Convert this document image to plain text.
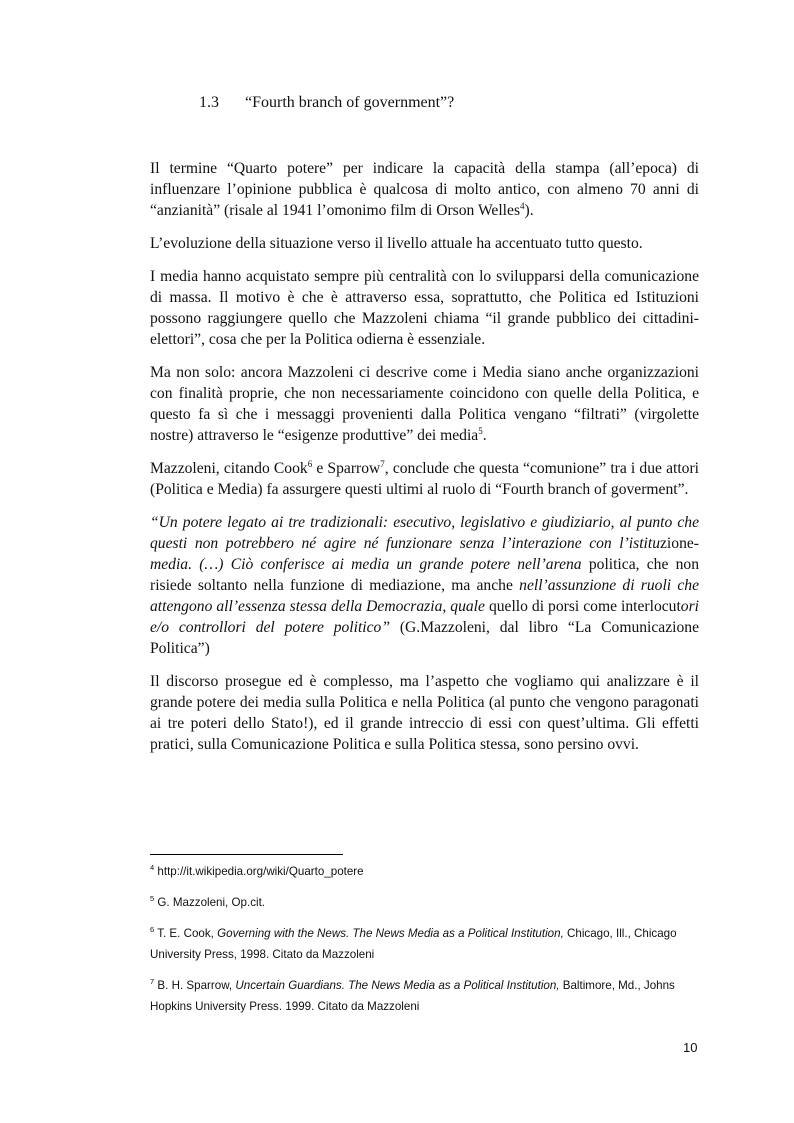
1.3 “Fourth branch of government”?

Il termine “Quarto potere” per indicare la capacità della stampa (all’epoca) di influenzare l’opinione pubblica è qualcosa di molto antico, con almeno 70 anni di “anzianità” (risale al 1941 l’omonimo film di Orson Welles$^4$).

L’evoluzione della situazione verso il livello attuale ha accentuato tutto questo.

I media hanno acquistato sempre più centralità con lo svilupparsi della comunicazione di massa. Il motivo è che è attraverso essa, soprattutto, che Politica ed Istituzioni possono raggiungere quello che Mazzoleni chiama “il grande pubblico dei cittadini-elettori”, cosa che per la Politica odierna è essenziale.

Ma non solo: ancora Mazzoleni ci descrive come i Media siano anche organizzazioni con finalità proprie, che non necessariamente coincidono con quelle della Politica, e questo fa sì che i messaggi provenienti dalla Politica vengano “filtrati” (virgolette nostre) attraverso le “esigenze produttive” dei media$^5$.

Mazzoleni, citando Cook$^6$ e Sparrow$^7$, conclude che questa “comunione” tra i due attori (Politica e Media) fa assurgere questi ultimi al ruolo di “Fourth branch of goverment”.

“Un potere legato ai tre tradizionali: esecutivo, legislativo e giudiziario, al punto che questi non potrebbero né agire né funzionare senza l’interazione con l’istituzione-media. (…) Ciò conferisce ai media un grande potere nell’arena politica, che non risiede soltanto nella funzione di mediazione, ma anche nell’assunzione di ruoli che attengono all’essenza stessa della Democrazia, quale quello di porsi come interlocutori e/o controllori del potere politico” (G.Mazzoleni, dal libro “La Comunicazione Politica”)

Il discorso prosegue ed è complesso, ma l’aspetto che vogliamo qui analizzare è il grande potere dei media sulla Politica e nella Politica (al punto che vengono paragonati ai tre poteri dello Stato!), ed il grande intreccio di essi con quest’ultima. Gli effetti pratici, sulla Comunicazione Politica e sulla Politica stessa, sono persino ovvi.

$^4$ http://it.wikipedia.org/wiki/Quarto_potere
$^5$ G. Mazzoleni, Op.cit.
$^6$ T. E. Cook, Governing with the News. The News Media as a Political Institution, Chicago, Ill., Chicago University Press, 1998. Citato da Mazzoleni
$^7$ B. H. Sparrow, Uncertain Guardians. The News Media as a Political Institution, Baltimore, Md., Johns Hopkins University Press. 1999. Citato da Mazzoleni
10
